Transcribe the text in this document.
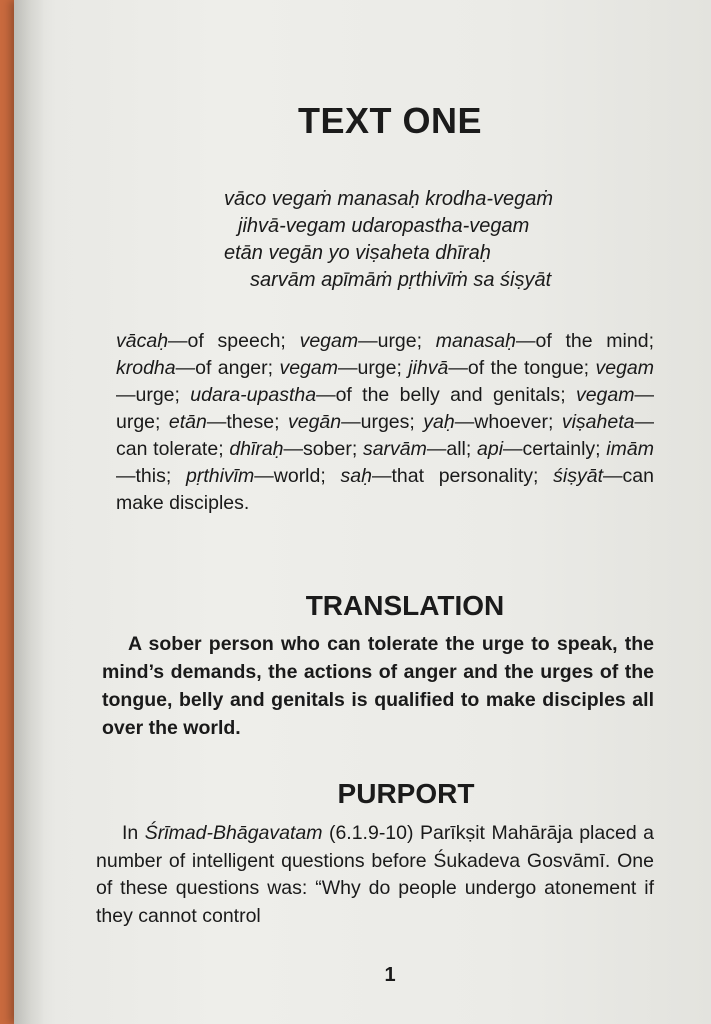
TEXT ONE
vāco vegaṁ manasaḥ krodha-vegaṁ
jihvā-vegam udaropastha-vegam
etān vegān yo viṣaheta dhīraḥ
sarvām apīmāṁ pṛthivīṁ sa śiṣyāt
vācaḥ—of speech; vegam—urge; manasaḥ—of the mind; krodha—of anger; vegam—urge; jihvā—of the tongue; vegam—urge; udara-upastha—of the belly and genitals; vegam—urge; etān—these; vegān—urges; yaḥ—whoever; viṣaheta—can tolerate; dhīraḥ—sober; sarvām—all; api—certainly; imām—this; pṛthivīm—world; saḥ—that personality; śiṣyāt—can make disciples.
TRANSLATION

A sober person who can tolerate the urge to speak, the mind’s demands, the actions of anger and the urges of the tongue, belly and genitals is qualified to make disciples all over the world.

PURPORT

In Śrīmad-Bhāgavatam (6.1.9-10) Parīkṣit Mahārāja placed a number of intelligent questions before Śukadeva Gosvāmī. One of these questions was: “Why do people undergo atonement if they cannot control

1
